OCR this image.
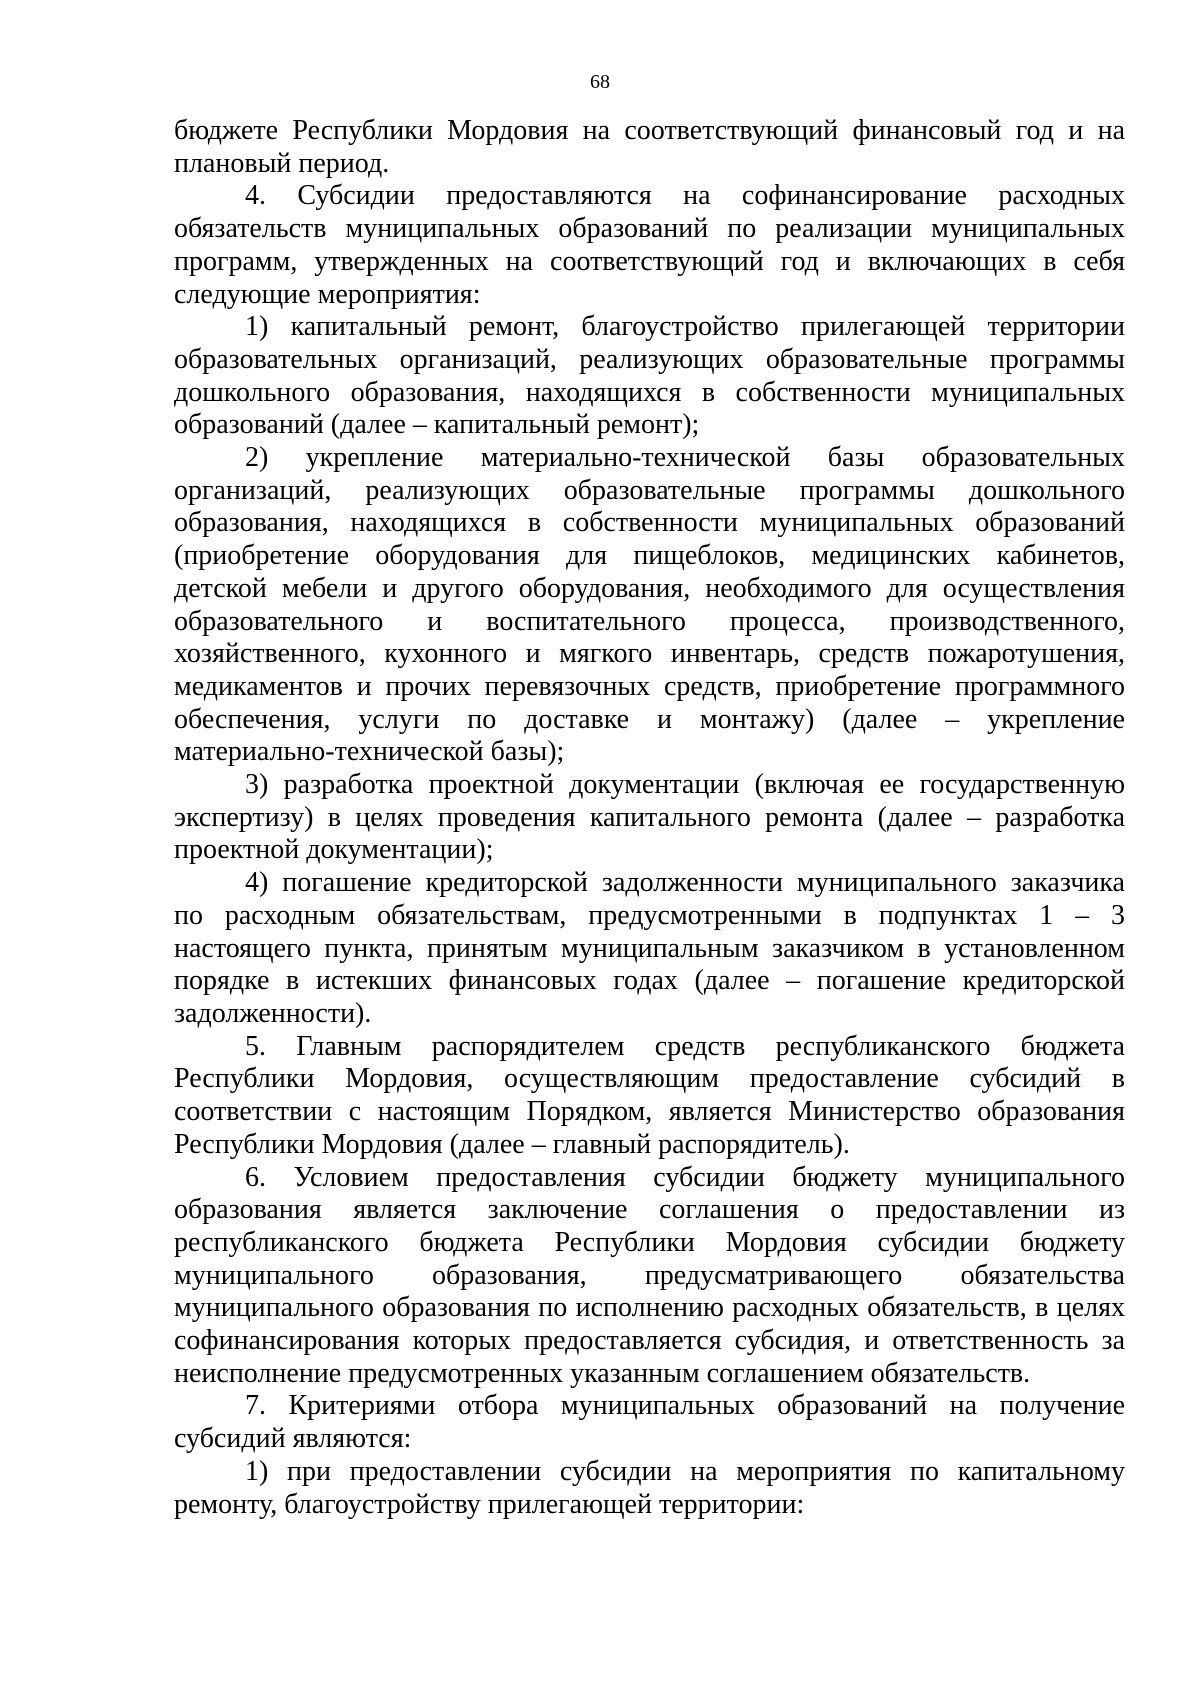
68

бюджете Республики Мордовия на соответствующий финансовый год и на плановый период.

4. Субсидии предоставляются на софинансирование расходных обязательств муниципальных образований по реализации муниципальных программ, утвержденных на соответствующий год и включающих в себя следующие мероприятия:

1) капитальный ремонт, благоустройство прилегающей территории образовательных организаций, реализующих образовательные программы дошкольного образования, находящихся в собственности муниципальных образований (далее – капитальный ремонт);

2) укрепление материально-технической базы образовательных организаций, реализующих образовательные программы дошкольного образования, находящихся в собственности муниципальных образований (приобретение оборудования для пищеблоков, медицинских кабинетов, детской мебели и другого оборудования, необходимого для осуществления образовательного и воспитательного процесса, производственного, хозяйственного, кухонного и мягкого инвентарь, средств пожаротушения, медикаментов и прочих перевязочных средств, приобретение программного обеспечения, услуги по доставке и монтажу) (далее – укрепление материально-технической базы);

3) разработка проектной документации (включая ее государственную экспертизу) в целях проведения капитального ремонта (далее – разработка проектной документации);

4) погашение кредиторской задолженности муниципального заказчика по расходным обязательствам, предусмотренными в подпунктах 1 – 3 настоящего пункта, принятым муниципальным заказчиком в установленном порядке в истекших финансовых годах (далее – погашение кредиторской задолженности).

5. Главным распорядителем средств республиканского бюджета Республики Мордовия, осуществляющим предоставление субсидий в соответствии с настоящим Порядком, является Министерство образования Республики Мордовия (далее – главный распорядитель).

6. Условием предоставления субсидии бюджету муниципального образования является заключение соглашения о предоставлении из республиканского бюджета Республики Мордовия субсидии бюджету муниципального образования, предусматривающего обязательства муниципального образования по исполнению расходных обязательств, в целях софинансирования которых предоставляется субсидия, и ответственность за неисполнение предусмотренных указанным соглашением обязательств.

7. Критериями отбора муниципальных образований на получение субсидий являются:

1) при предоставлении субсидии на мероприятия по капитальному ремонту, благоустройству прилегающей территории:
